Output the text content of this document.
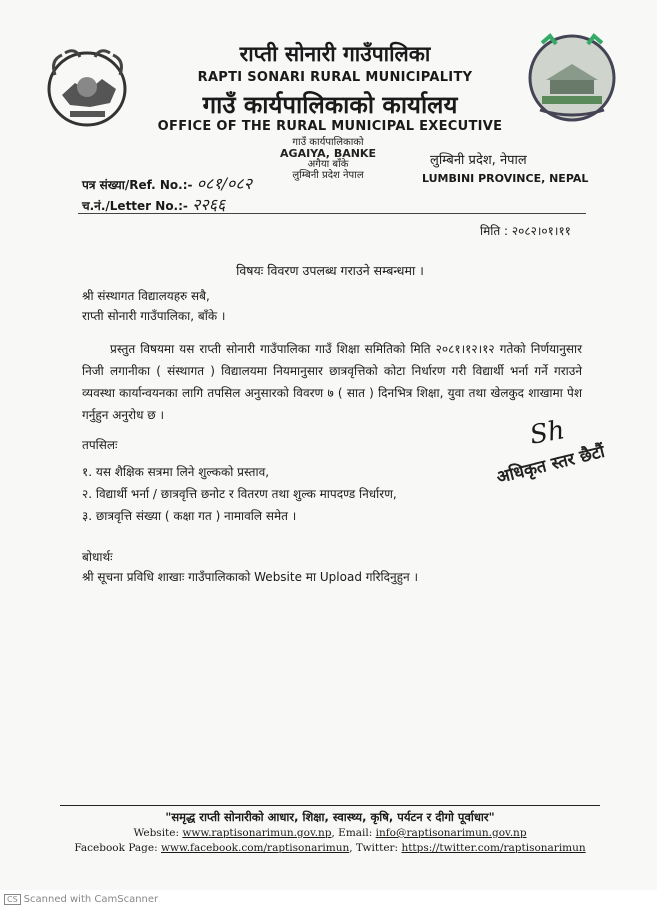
राप्ती सोनारी गाउँपालिका
RAPTI SONARI RURAL MUNICIPALITY
गाउँ कार्यपालिकाको कार्यालय
OFFICE OF THE RURAL MUNICIPAL EXECUTIVE
गाउँ कार्यपालिकाको
AGAIYA, BANKE
अगैया बाँके
लुम्बिनी प्रदेश नेपाल
लुम्बिनी प्रदेश, नेपाल
LUMBINI PROVINCE, NEPAL
पत्र संख्या/Ref. No.:- ०८१/०८२
च.नं./Letter No.:- २२६६
मिति : २०८२।०१।११
विषयः विवरण उपलब्ध गराउने सम्बन्धमा ।
श्री संस्थागत विद्यालयहरु सबै,
राप्ती सोनारी गाउँपालिका, बाँके ।
प्रस्तुत विषयमा यस राप्ती सोनारी गाउँपालिका गाउँ शिक्षा समितिको मिति २०८१।१२।१२ गतेको निर्णयानुसार निजी लगानीका ( संस्थागत ) विद्यालयमा नियमानुसार छात्रवृत्तिको कोटा निर्धारण गरी विद्यार्थी भर्ना गर्ने गराउने व्यवस्था कार्यान्वयनका लागि तपसिल अनुसारको विवरण ७ ( सात ) दिनभित्र शिक्षा, युवा तथा खेलकुद शाखामा पेश गर्नुहुन अनुरोध छ ।
Sh
अधिकृत स्तर छैटौं
तपसिलः
१. यस शैक्षिक सत्रमा लिने शुल्कको प्रस्ताव,
२. विद्यार्थी भर्ना / छात्रवृत्ति छनोट र वितरण तथा शुल्क मापदण्ड निर्धारण,
३. छात्रवृत्ति संख्या ( कक्षा गत ) नामावलि समेत ।
बोधार्थः
श्री सूचना प्रविधि शाखाः गाउँपालिकाको Website मा Upload गरिदिनुहुन ।
"समृद्ध राप्ती सोनारीको आधार, शिक्षा, स्वास्थ्य, कृषि, पर्यटन र दीगो पूर्वाधार"
Website: www.raptisonarimun.gov.np, Email: info@raptisonarimun.gov.np
Facebook Page: www.facebook.com/raptisonarimun, Twitter: https://twitter.com/raptisonarimun
CS Scanned with CamScanner
